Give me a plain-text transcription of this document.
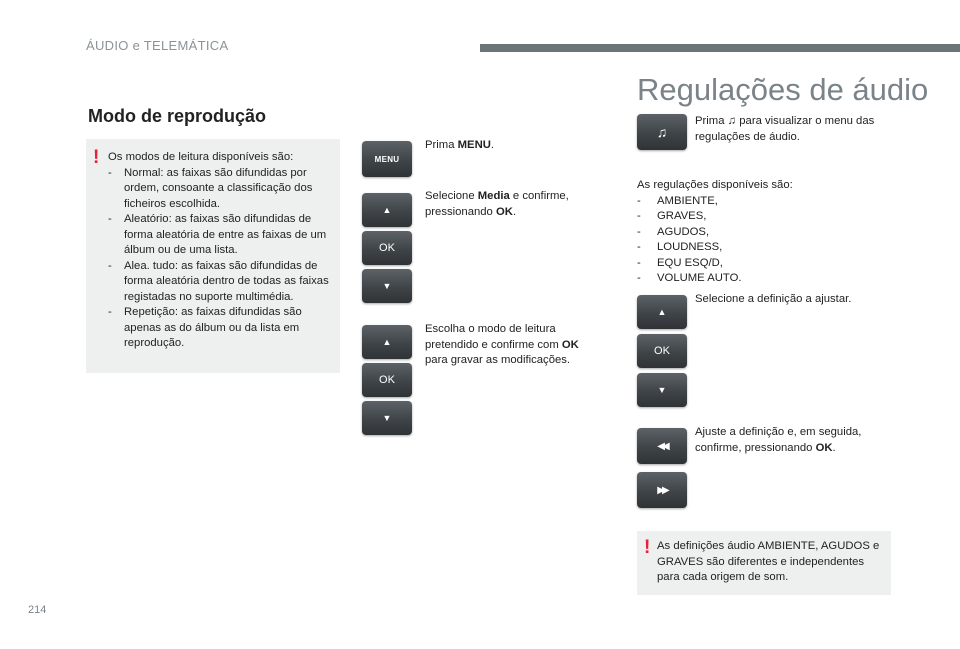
ÁUDIO e TELEMÁTICA
Modo de reprodução
! Os modos de leitura disponíveis são:
- Normal: as faixas são difundidas por ordem, consoante a classificação dos ficheiros escolhida.
- Aleatório: as faixas são difundidas de forma aleatória de entre as faixas de um álbum ou de uma lista.
- Alea. tudo: as faixas são difundidas de forma aleatória dentro de todas as faixas registadas no suporte multimédia.
- Repetição: as faixas difundidas são apenas as do álbum ou da lista em reprodução.
MENU
▲
OK
▼
▲
OK
▼
Prima MENU.
Selecione Media e confirme, pressionando OK.
Escolha o modo de leitura pretendido e confirme com OK para gravar as modificações.
Regulações de áudio
♫
Prima ♫ para visualizar o menu das regulações de áudio.
As regulações disponíveis são:
- AMBIENTE,
- GRAVES,
- AGUDOS,
- LOUDNESS,
- EQU ESQ/D,
- VOLUME AUTO.
▲
OK
▼
Selecione a definição a ajustar.
◀◀
▶▶
Ajuste a definição e, em seguida, confirme, pressionando OK.
! As definições áudio AMBIENTE, AGUDOS e GRAVES são diferentes e independentes para cada origem de som.
214
